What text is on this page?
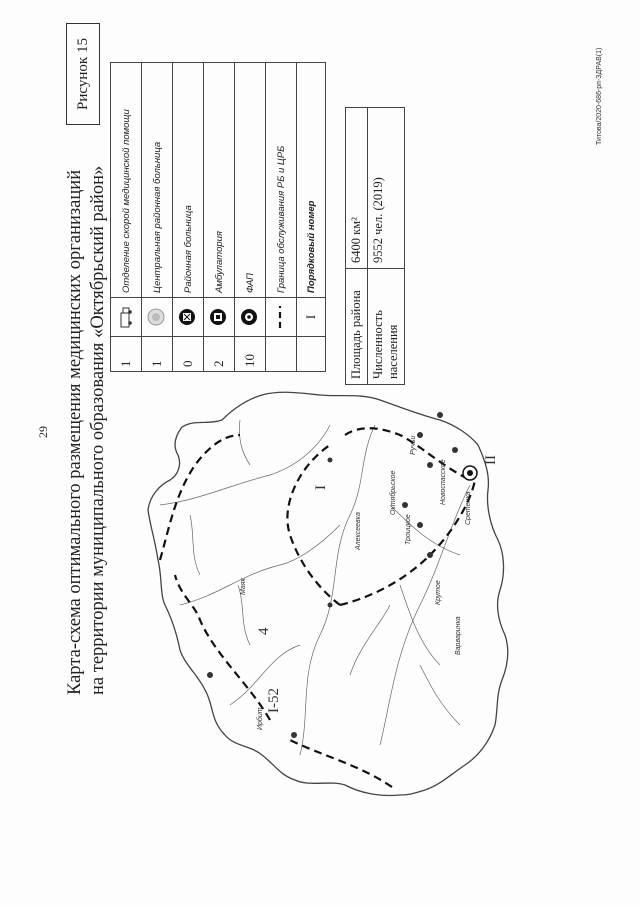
29
Рисунок 15
Карта-схема оптимального размещения медицинских организаций на территории муниципального образования «Октябрьский район»
I-52
4
I
II
Маяк
Ирбит
Троицкое
Октябрьское
Варваринка
Новоспасское
Крутое
Алексеевка
Сретенка
Ручьи
1		Отделение скорой медицинской помощи
1		Центральная районная больница
0		Районная больница
2		Амбулатория
10		ФАП
		Граница обслуживания РБ и ЦРБ
	I	Порядковый номер
Площадь района	6400 км²

Численность населения	9552 чел. (2019)
Титова/2020-686-рп-ЗДРАВ(1)
